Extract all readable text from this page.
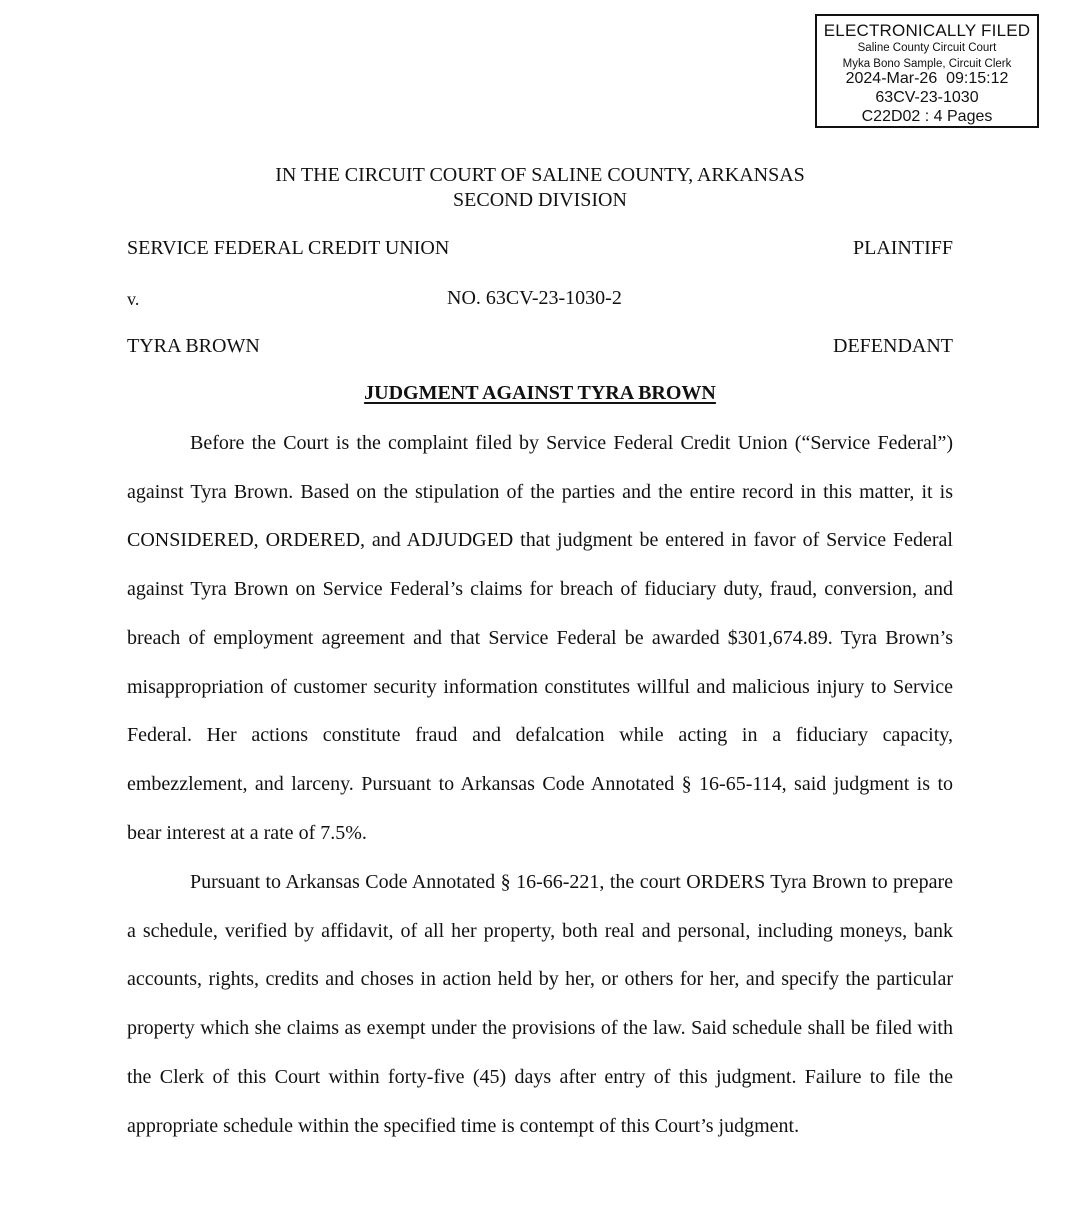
ELECTRONICALLY FILED
Saline County Circuit Court
Myka Bono Sample, Circuit Clerk
2024-Mar-26  09:15:12
63CV-23-1030
C22D02 : 4 Pages
IN THE CIRCUIT COURT OF SALINE COUNTY, ARKANSAS
SECOND DIVISION
SERVICE FEDERAL CREDIT UNION	PLAINTIFF
v.	NO. 63CV-23-1030-2
TYRA BROWN	DEFENDANT
JUDGMENT AGAINST TYRA BROWN

Before the Court is the complaint filed by Service Federal Credit Union (“Service Federal”) against Tyra Brown. Based on the stipulation of the parties and the entire record in this matter, it is CONSIDERED, ORDERED, and ADJUDGED that judgment be entered in favor of Service Federal against Tyra Brown on Service Federal’s claims for breach of fiduciary duty, fraud, conversion, and breach of employment agreement and that Service Federal be awarded $301,674.89. Tyra Brown’s misappropriation of customer security information constitutes willful and malicious injury to Service Federal. Her actions constitute fraud and defalcation while acting in a fiduciary capacity, embezzlement, and larceny. Pursuant to Arkansas Code Annotated § 16-65-114, said judgment is to bear interest at a rate of 7.5%.

Pursuant to Arkansas Code Annotated § 16-66-221, the court ORDERS Tyra Brown to prepare a schedule, verified by affidavit, of all her property, both real and personal, including moneys, bank accounts, rights, credits and choses in action held by her, or others for her, and specify the particular property which she claims as exempt under the provisions of the law. Said schedule shall be filed with the Clerk of this Court within forty-five (45) days after entry of this judgment. Failure to file the appropriate schedule within the specified time is contempt of this Court’s judgment.
